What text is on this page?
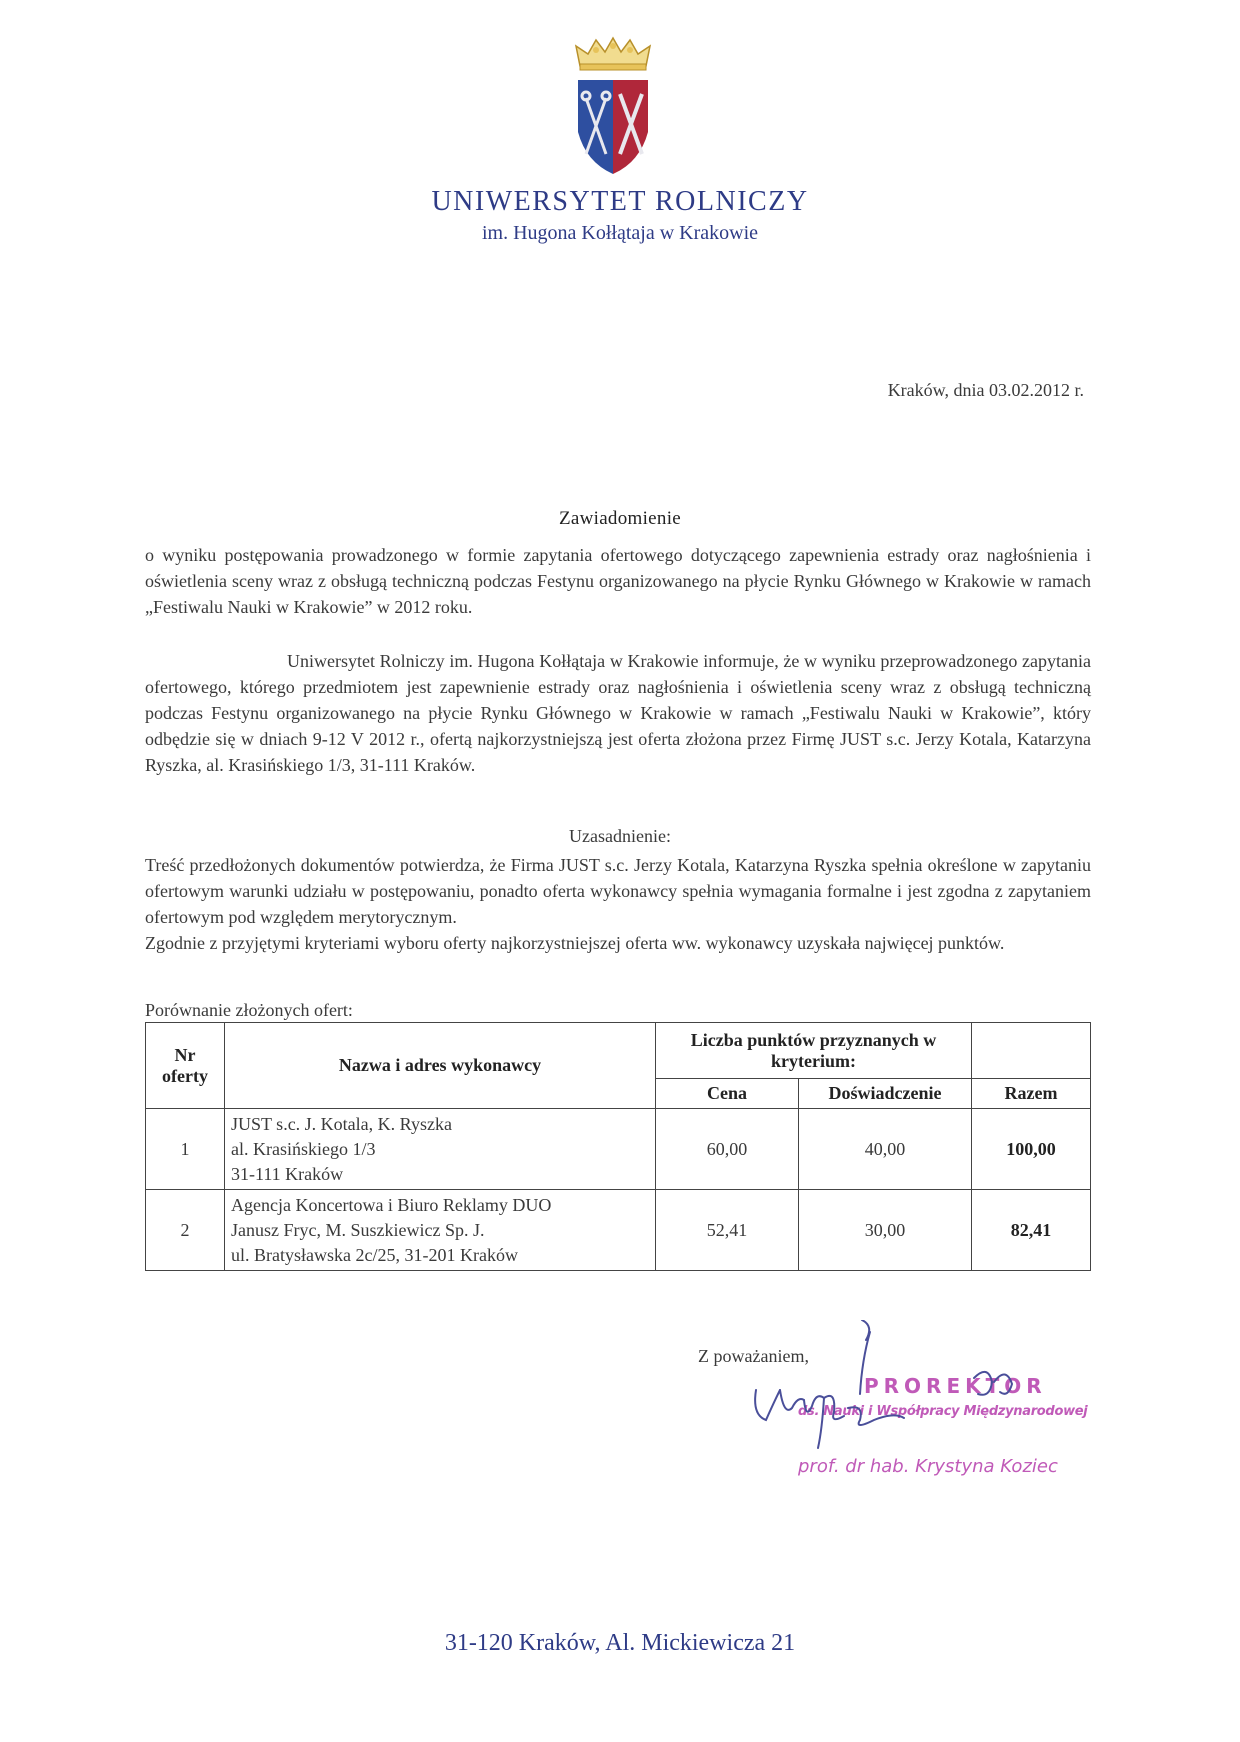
UNIWERSYTET ROLNICZY
im. Hugona Kołłątaja w Krakowie
Kraków, dnia 03.02.2012 r.
Zawiadomienie
o wyniku postępowania prowadzonego w formie zapytania ofertowego dotyczącego zapewnienia estrady oraz nagłośnienia i oświetlenia sceny wraz z obsługą techniczną podczas Festynu organizowanego na płycie Rynku Głównego w Krakowie w ramach „Festiwalu Nauki w Krakowie” w 2012 roku.
Uniwersytet Rolniczy im. Hugona Kołłątaja w Krakowie informuje, że w wyniku przeprowadzonego zapytania ofertowego, którego przedmiotem jest zapewnienie estrady oraz nagłośnienia i oświetlenia sceny wraz z obsługą techniczną podczas Festynu organizowanego na płycie Rynku Głównego w Krakowie w ramach „Festiwalu Nauki w Krakowie”, który odbędzie się w dniach 9-12 V 2012 r., ofertą najkorzystniejszą jest oferta złożona przez Firmę JUST s.c. Jerzy Kotala, Katarzyna Ryszka, al. Krasińskiego 1/3, 31-111 Kraków.
Uzasadnienie:
Treść przedłożonych dokumentów potwierdza, że Firma JUST s.c. Jerzy Kotala, Katarzyna Ryszka spełnia określone w zapytaniu ofertowym warunki udziału w postępowaniu, ponadto oferta wykonawcy spełnia wymagania formalne i jest zgodna z zapytaniem ofertowym pod względem merytorycznym.
Zgodnie z przyjętymi kryteriami wyboru oferty najkorzystniejszej oferta ww. wykonawcy uzyskała najwięcej punktów.
Porównanie złożonych ofert:
Nr oferty	Nazwa i adres wykonawcy	Liczba punktów przyznanych w kryterium:		
		Cena	Doświadczenie	Razem
1	JUST s.c. J. Kotala, K. Ryszka
al. Krasińskiego 1/3
31-111 Kraków	60,00	40,00	100,00
2	Agencja Koncertowa i Biuro Reklamy DUO
Janusz Fryc, M. Suszkiewicz Sp. J.
ul. Bratysławska 2c/25, 31-201 Kraków	52,41	30,00	82,41
Z poważaniem,
PROREKTOR
ds. Nauki i Współpracy Międzynarodowej
prof. dr hab. Krystyna Koziec
31-120 Kraków, Al. Mickiewicza 21
